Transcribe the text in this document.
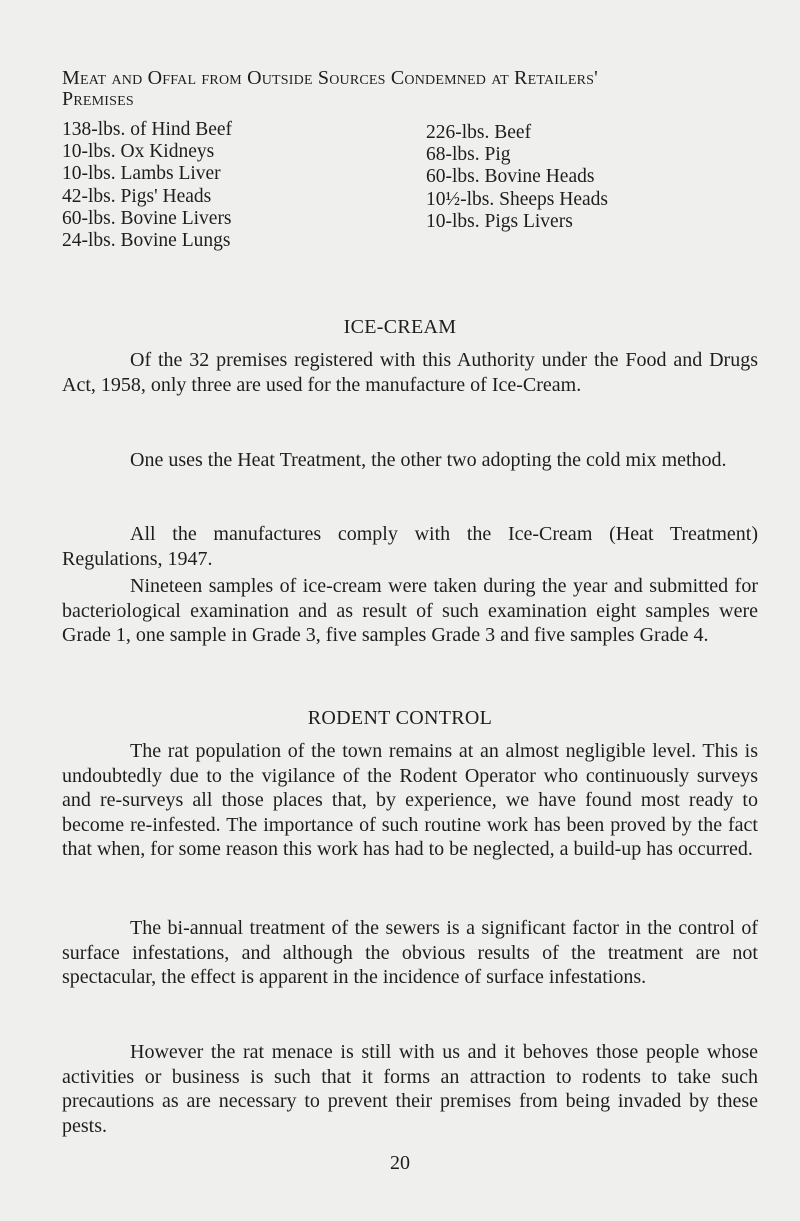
Meat and Offal from Outside Sources Condemned at Retailers'
Premises
138-lbs. of Hind Beef
10-lbs. Ox Kidneys
10-lbs. Lambs Liver
42-lbs. Pigs' Heads
60-lbs. Bovine Livers
24-lbs. Bovine Lungs
226-lbs. Beef
68-lbs. Pig
60-lbs. Bovine Heads
10½-lbs. Sheeps Heads
10-lbs. Pigs Livers
ICE-CREAM

Of the 32 premises registered with this Authority under the Food and Drugs Act, 1958, only three are used for the manufacture of Ice-Cream.

One uses the Heat Treatment, the other two adopting the cold mix method.

All the manufactures comply with the Ice-Cream (Heat Treatment) Regulations, 1947.

Nineteen samples of ice-cream were taken during the year and submitted for bacteriological examination and as result of such examination eight samples were Grade 1, one sample in Grade 3, five samples Grade 3 and five samples Grade 4.

RODENT CONTROL

The rat population of the town remains at an almost negligible level. This is undoubtedly due to the vigilance of the Rodent Operator who continuously surveys and re-surveys all those places that, by experience, we have found most ready to become re-infested. The importance of such routine work has been proved by the fact that when, for some reason this work has had to be neglected, a build-up has occurred.

The bi-annual treatment of the sewers is a significant factor in the control of surface infestations, and although the obvious results of the treatment are not spectacular, the effect is apparent in the incidence of surface infestations.

However the rat menace is still with us and it behoves those people whose activities or business is such that it forms an attraction to rodents to take such precautions as are necessary to prevent their premises from being invaded by these pests.

20
